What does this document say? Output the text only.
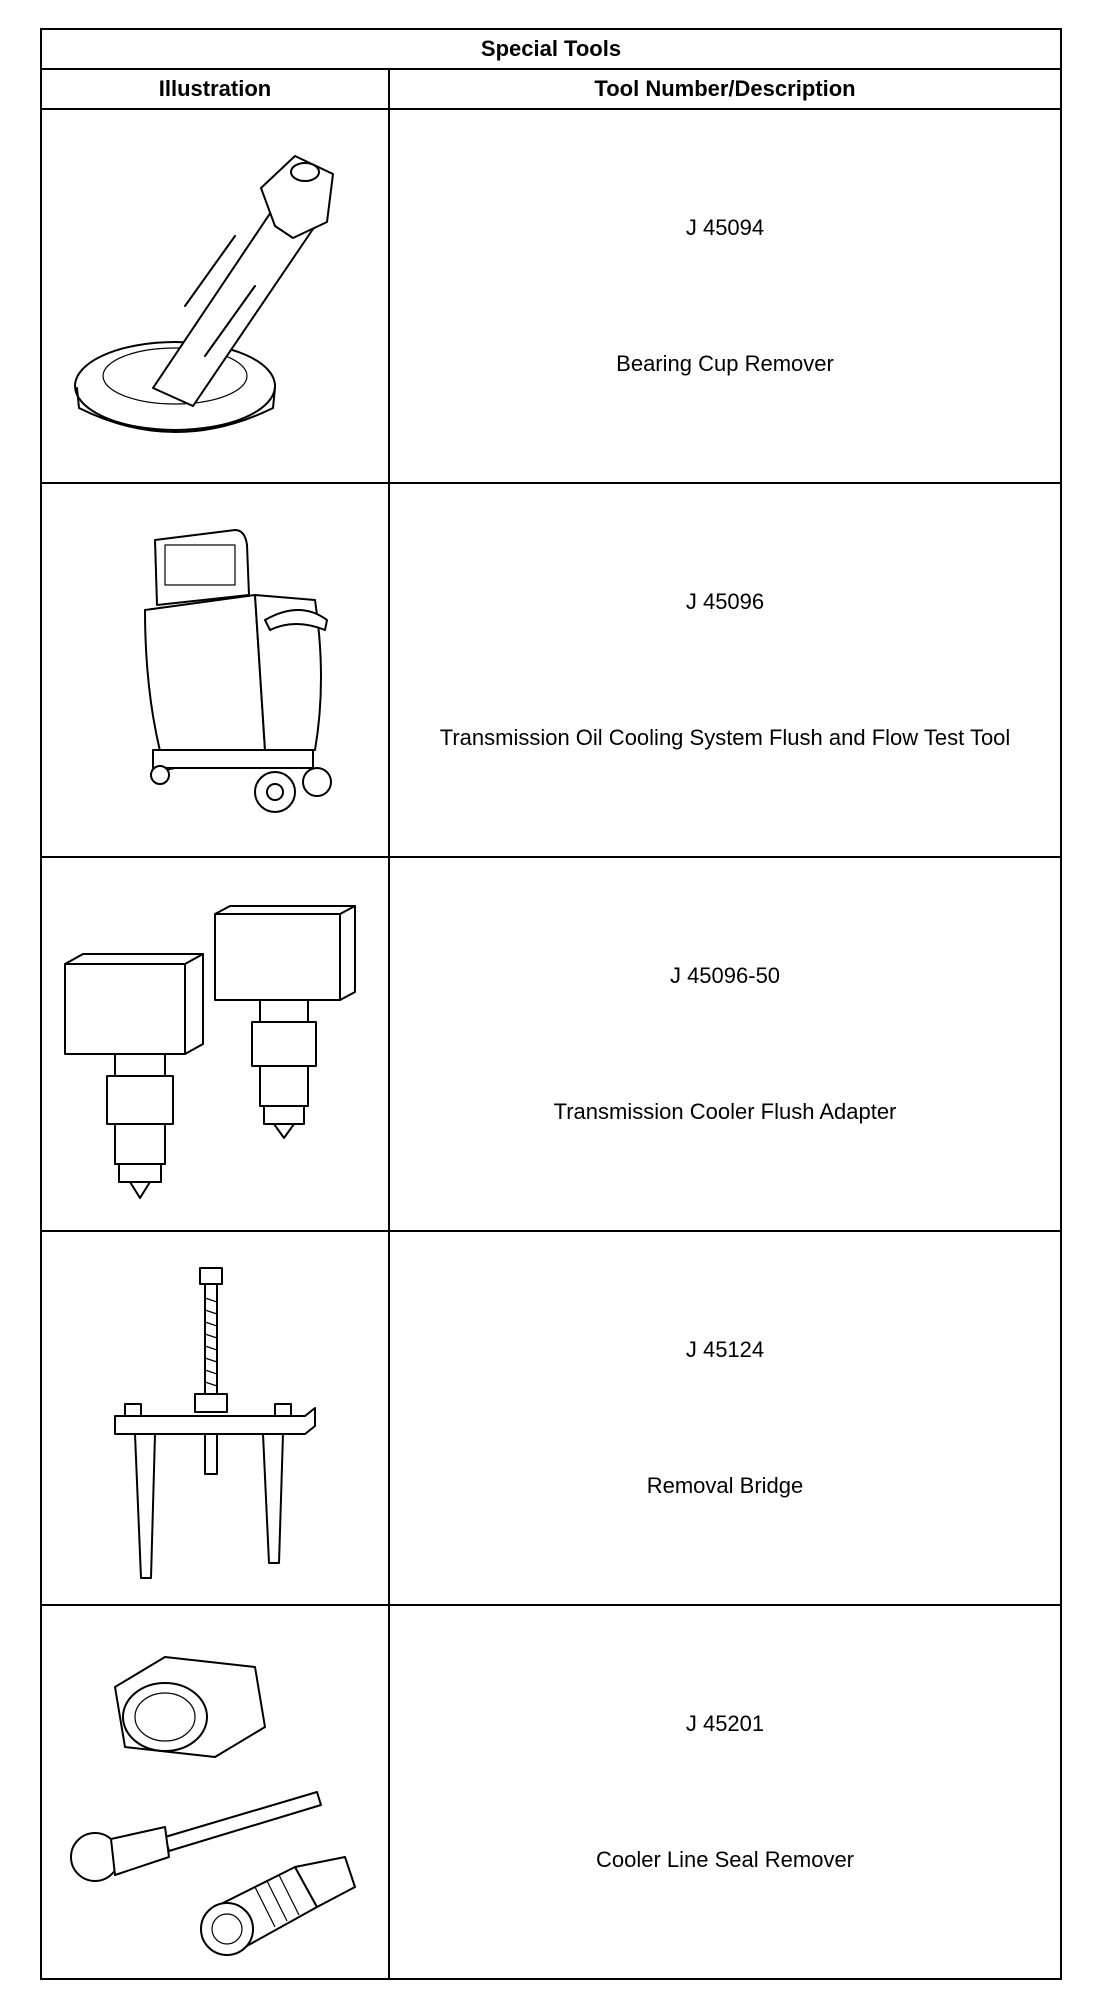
Special Tools	
Illustration	Tool Number/Description

J 45094
Bearing Cup Remover

J 45096
Transmission Oil Cooling System Flush and Flow Test Tool

J 45096-50
Transmission Cooler Flush Adapter

J 45124
Removal Bridge

J 45201
Cooler Line Seal Remover
